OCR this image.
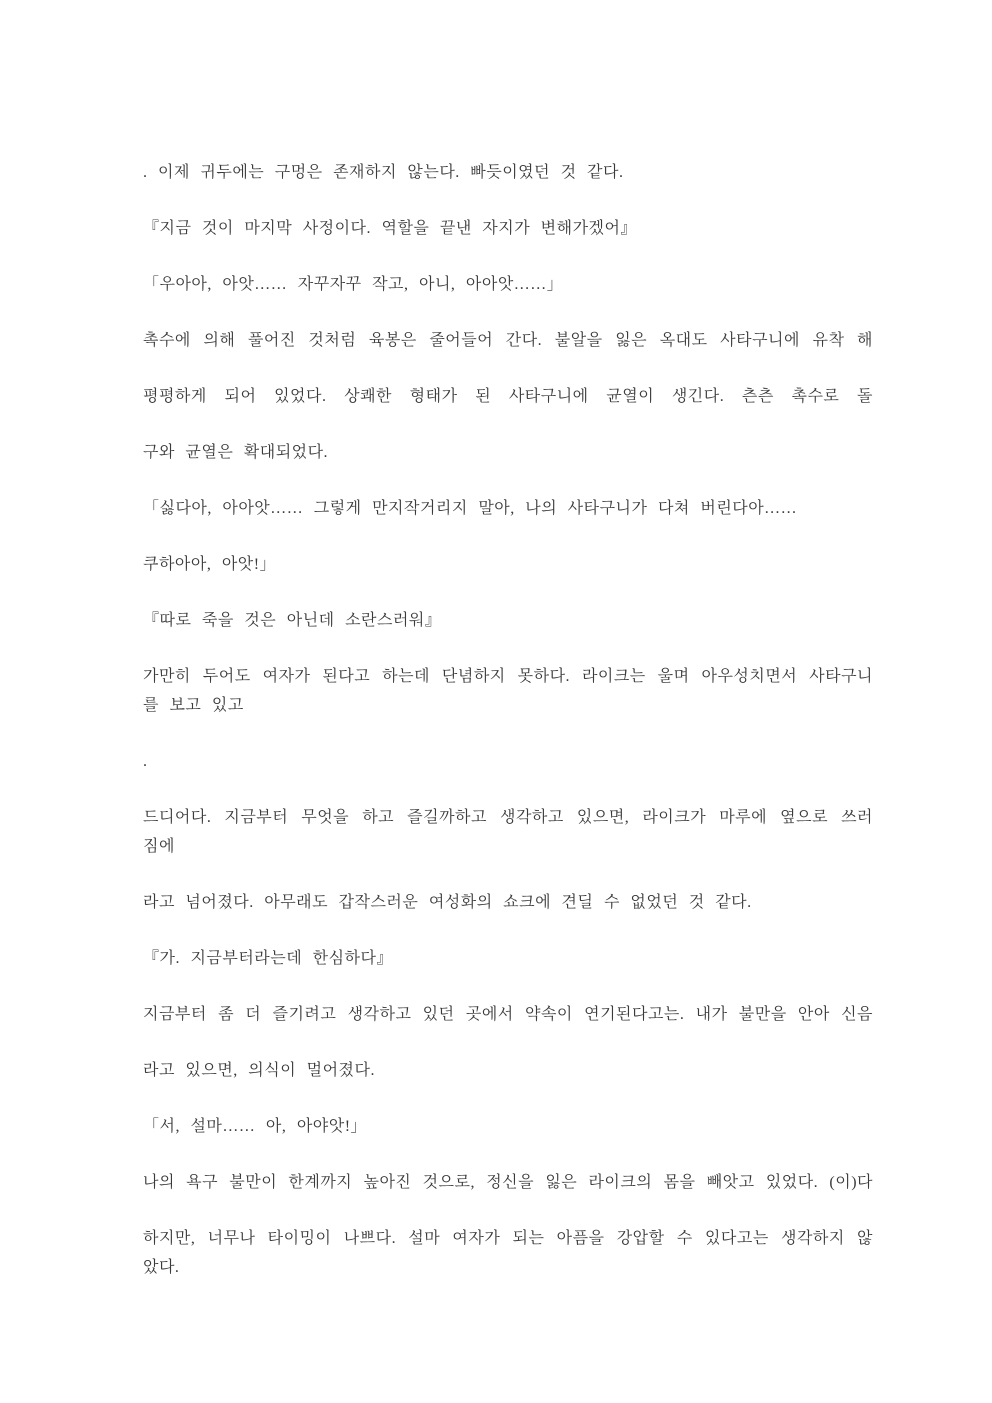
. 이제 귀두에는 구멍은 존재하지 않는다. 빠듯이였던 것 같다.

『지금 것이 마지막 사정이다. 역할을 끝낸 자지가 변해가겠어』

「우아아, 아앗…… 자꾸자꾸 작고, 아니, 아아앗……」

촉수에 의해 풀어진 것처럼 육봉은 줄어들어 간다. 불알을 잃은 옥대도 사타구니에 유착 해

평평하게 되어 있었다. 상쾌한 형태가 된 사타구니에 균열이 생긴다. 츤츤 촉수로 돌

구와 균열은 확대되었다.

「싫다아, 아아앗…… 그렇게 만지작거리지 말아, 나의 사타구니가 다쳐 버린다아……

쿠하아아, 아앗!」

『따로 죽을 것은 아닌데 소란스러워』

가만히 두어도 여자가 된다고 하는데 단념하지 못하다. 라이크는 울며 아우성치면서 사타구니

를 보고 있고

.

드디어다. 지금부터 무엇을 하고 즐길까하고 생각하고 있으면, 라이크가 마루에 옆으로 쓰러

짐에

라고 넘어졌다. 아무래도 갑작스러운 여성화의 쇼크에 견딜 수 없었던 것 같다.

『가. 지금부터라는데 한심하다』

지금부터 좀 더 즐기려고 생각하고 있던 곳에서 약속이 연기된다고는. 내가 불만을 안아 신음

라고 있으면, 의식이 멀어졌다.

「서, 설마…… 아, 아야앗!」

나의 욕구 불만이 한계까지 높아진 것으로, 정신을 잃은 라이크의 몸을 빼앗고 있었다. (이)다

하지만, 너무나 타이밍이 나쁘다. 설마 여자가 되는 아픔을 강압할 수 있다고는 생각하지 않

았다.
